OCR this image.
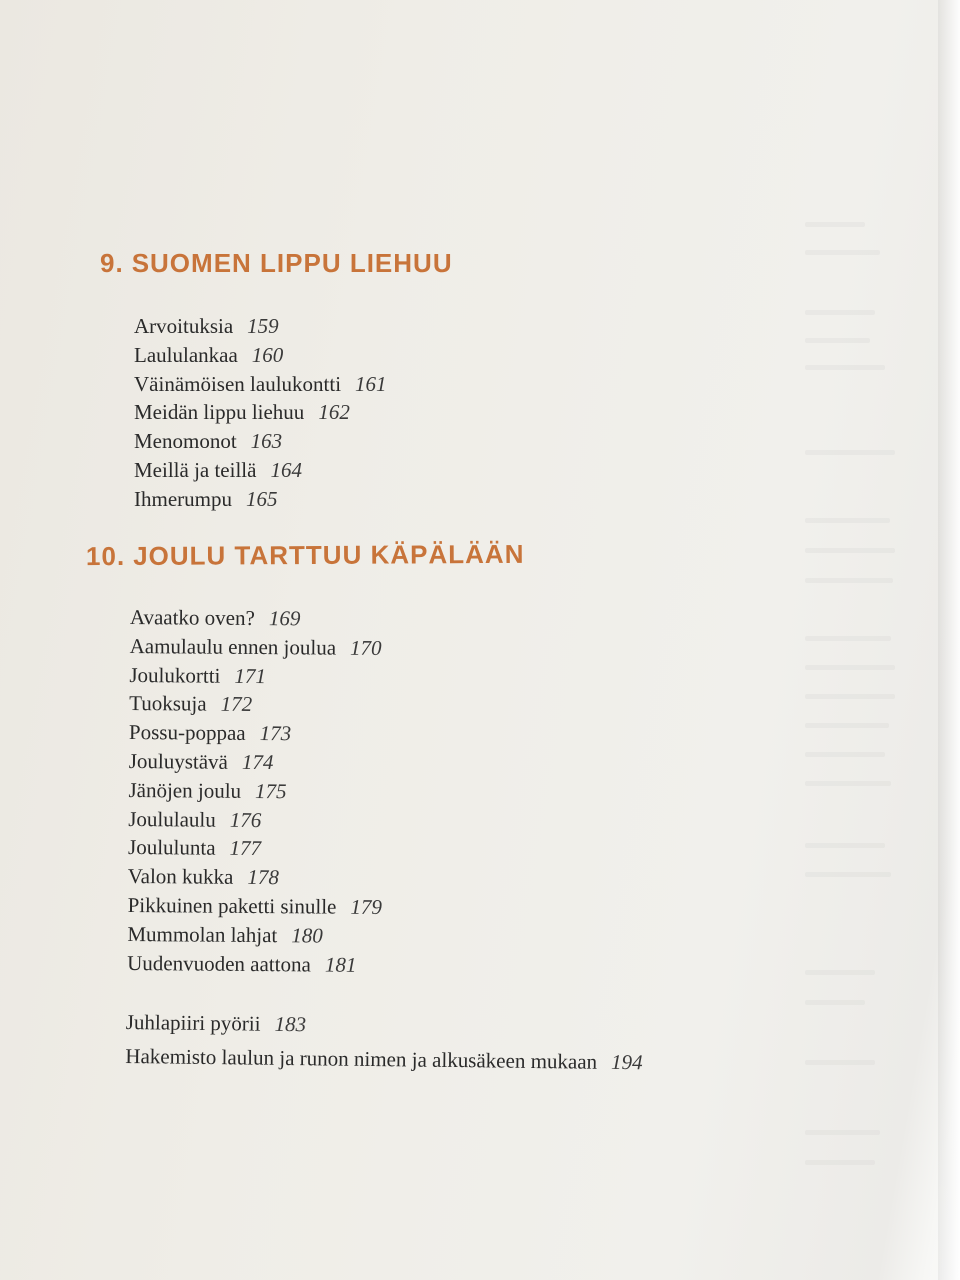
9. SUOMEN LIPPU LIEHUU
Arvoituksia 159
Laululankaa 160
Väinämöisen laulukontti 161
Meidän lippu liehuu 162
Menomonot 163
Meillä ja teillä 164
Ihmerumpu 165
10. JOULU TARTTUU KÄPÄLÄÄN
Avaatko oven? 169
Aamulaulu ennen joulua 170
Joulukortti 171
Tuoksuja 172
Possu-poppaa 173
Jouluystävä 174
Jänöjen joulu 175
Joululaulu 176
Joululunta 177
Valon kukka 178
Pikkuinen paketti sinulle 179
Mummolan lahjat 180
Uudenvuoden aattona 181
Juhlapiiri pyörii 183
Hakemisto laulun ja runon nimen ja alkusäkeen mukaan 194
